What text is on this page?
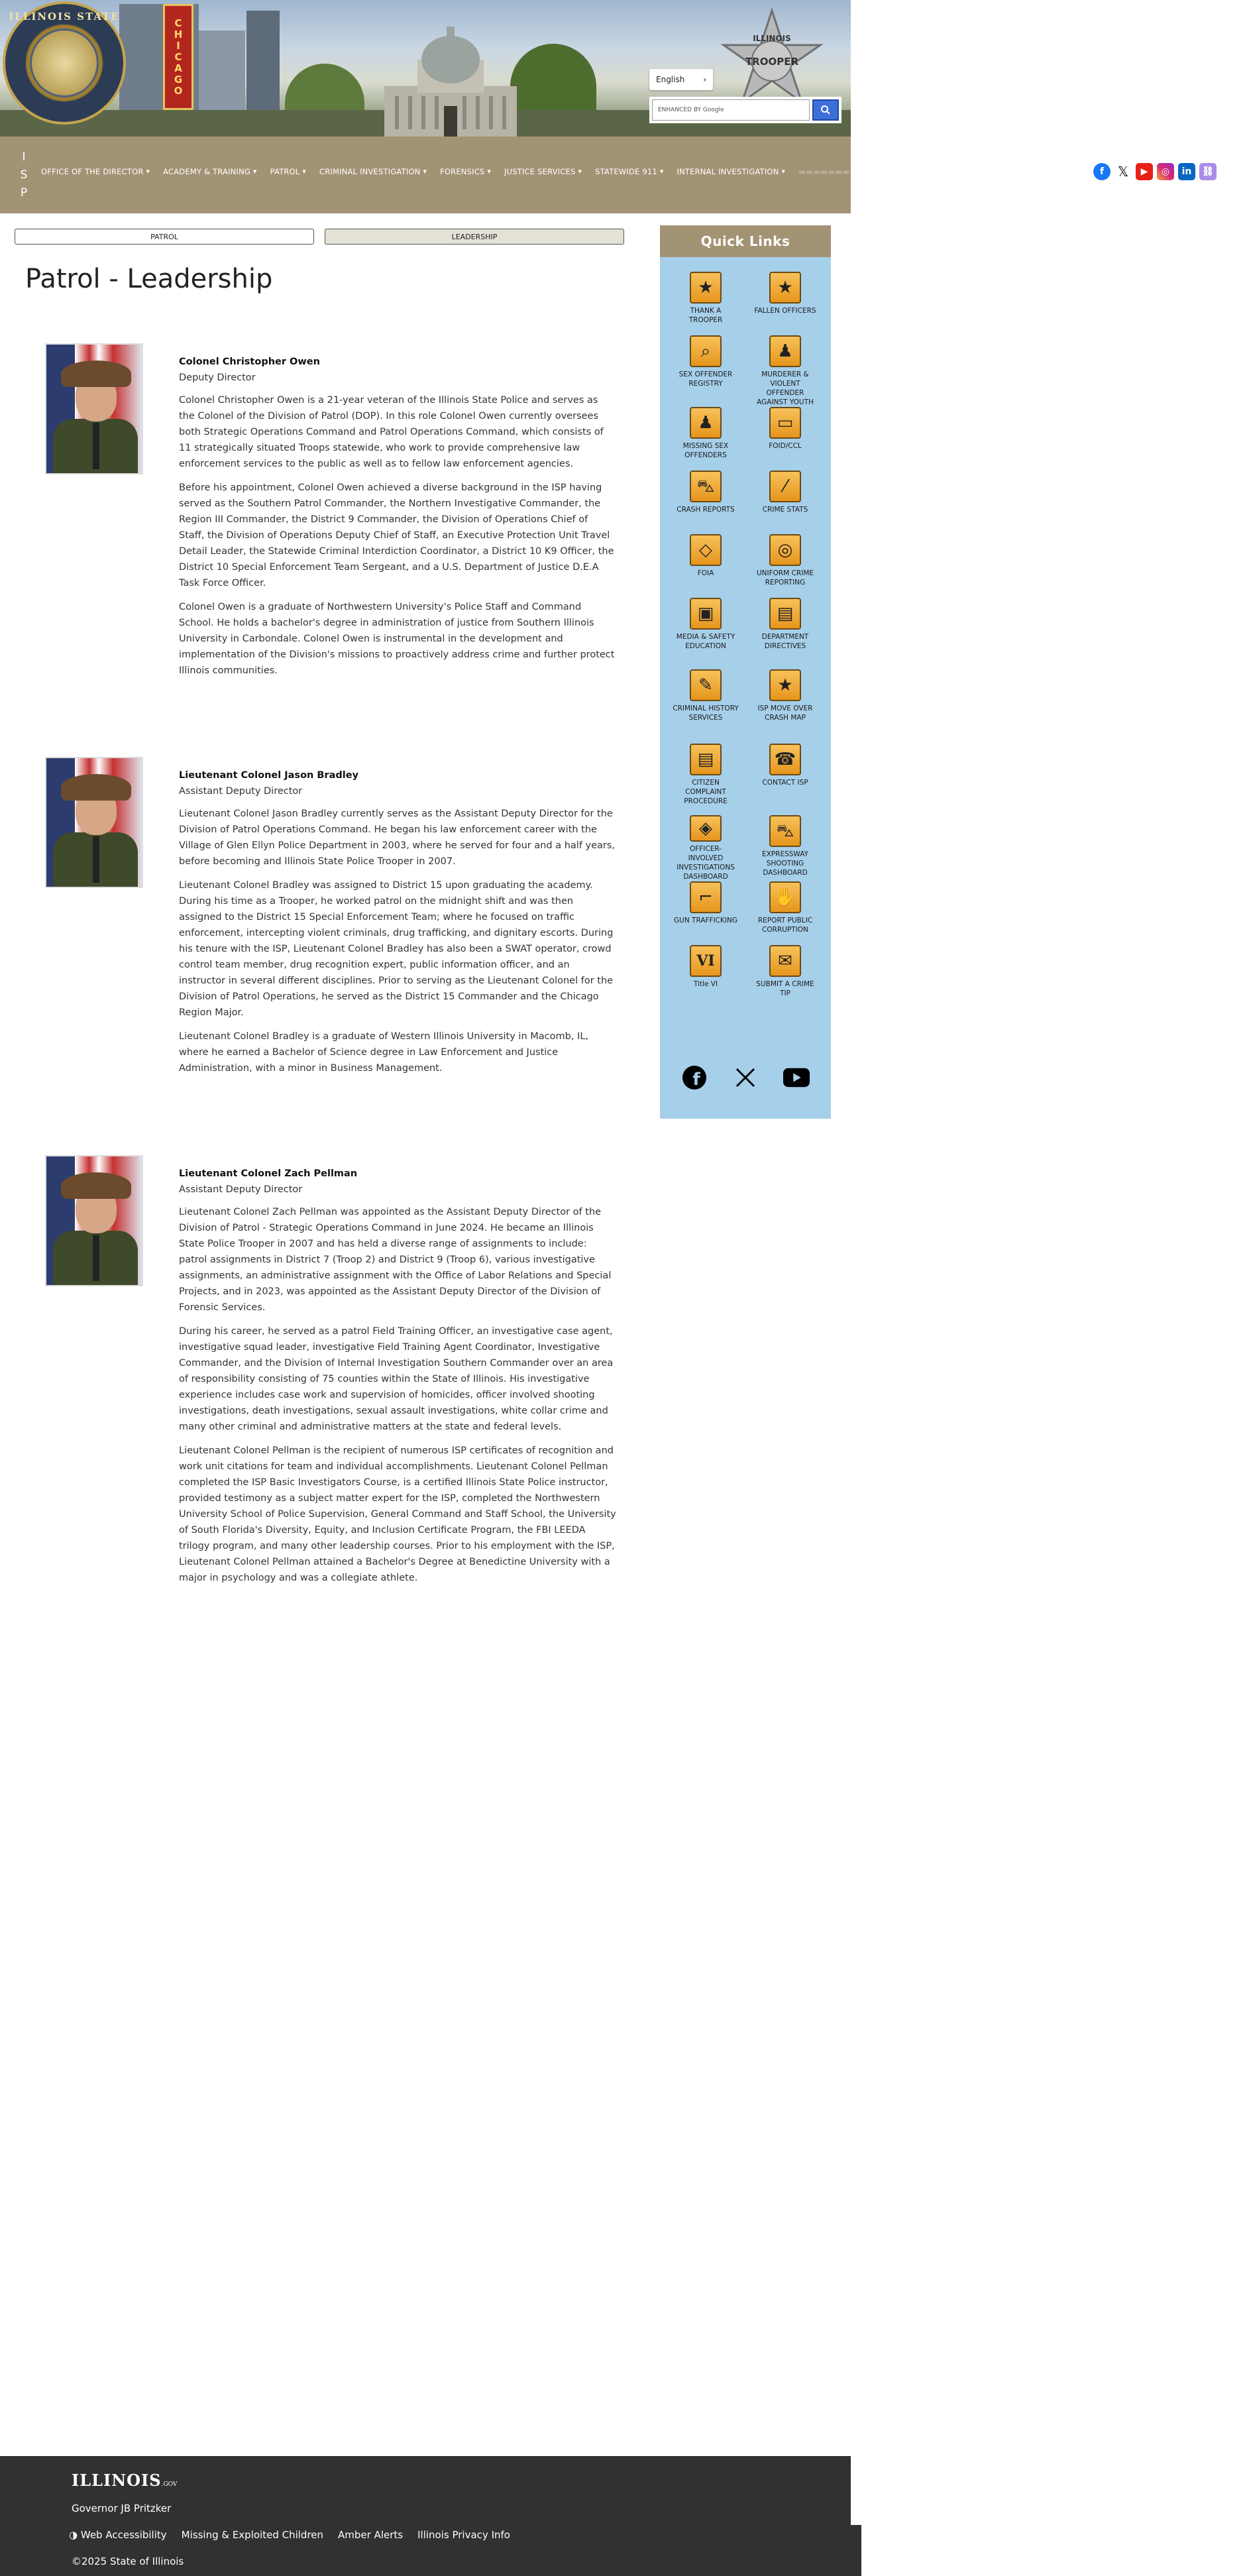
ILLINOIS STATE
C
H
I
C
A
G
O
ILLINOIS
TROOPER
English ›
ENHANCED BY Google
I
S
P
OFFICE OF THE DIRECTOR ▼ ACADEMY & TRAINING ▼ PATROL ▼ CRIMINAL INVESTIGATION ▼ FORENSICS ▼ JUSTICE SERVICES ▼ STATEWIDE 911 ▼ INTERNAL INVESTIGATION ▼ ▬▬▬▬▬▬▬▬	f	𝕏	▶	◎	in	⛓
PATROL	LEADERSHIP
Patrol - Leadership
Colonel Christopher Owen
Deputy Director

Colonel Christopher Owen is a 21-year veteran of the Illinois State Police and serves as the Colonel of the Division of Patrol (DOP). In this role Colonel Owen currently oversees both Strategic Operations Command and Patrol Operations Command, which consists of 11 strategically situated Troops statewide, who work to provide comprehensive law enforcement services to the public as well as to fellow law enforcement agencies.

Before his appointment, Colonel Owen achieved a diverse background in the ISP having served as the Southern Patrol Commander, the Northern Investigative Commander, the Region III Commander, the District 9 Commander, the Division of Operations Chief of Staff, the Division of Operations Deputy Chief of Staff, an Executive Protection Unit Travel Detail Leader, the Statewide Criminal Interdiction Coordinator, a District 10 K9 Officer, the District 10 Special Enforcement Team Sergeant, and a U.S. Department of Justice D.E.A Task Force Officer.

Colonel Owen is a graduate of Northwestern University's Police Staff and Command School. He holds a bachelor's degree in administration of justice from Southern Illinois University in Carbondale. Colonel Owen is instrumental in the development and implementation of the Division's missions to proactively address crime and further protect Illinois communities.

Lieutenant Colonel Jason Bradley
Assistant Deputy Director

Lieutenant Colonel Jason Bradley currently serves as the Assistant Deputy Director for the Division of Patrol Operations Command. He began his law enforcement career with the Village of Glen Ellyn Police Department in 2003, where he served for four and a half years, before becoming and Illinois State Police Trooper in 2007.

Lieutenant Colonel Bradley was assigned to District 15 upon graduating the academy. During his time as a Trooper, he worked patrol on the midnight shift and was then assigned to the District 15 Special Enforcement Team; where he focused on traffic enforcement, intercepting violent criminals, drug trafficking, and dignitary escorts. During his tenure with the ISP, Lieutenant Colonel Bradley has also been a SWAT operator, crowd control team member, drug recognition expert, public information officer, and an instructor in several different disciplines. Prior to serving as the Lieutenant Colonel for the Division of Patrol Operations, he served as the District 15 Commander and the Chicago Region Major.

Lieutenant Colonel Bradley is a graduate of Western Illinois University in Macomb, IL, where he earned a Bachelor of Science degree in Law Enforcement and Justice Administration, with a minor in Business Management.

Lieutenant Colonel Zach Pellman
Assistant Deputy Director

Lieutenant Colonel Zach Pellman was appointed as the Assistant Deputy Director of the Division of Patrol - Strategic Operations Command in June 2024. He became an Illinois State Police Trooper in 2007 and has held a diverse range of assignments to include: patrol assignments in District 7 (Troop 2) and District 9 (Troop 6), various investigative assignments, an administrative assignment with the Office of Labor Relations and Special Projects, and in 2023, was appointed as the Assistant Deputy Director of the Division of Forensic Services.

During his career, he served as a patrol Field Training Officer, an investigative case agent, investigative squad leader, investigative Field Training Agent Coordinator, Investigative Commander, and the Division of Internal Investigation Southern Commander over an area of responsibility consisting of 75 counties within the State of Illinois. His investigative experience includes case work and supervision of homicides, officer involved shooting investigations, death investigations, sexual assault investigations, white collar crime and many other criminal and administrative matters at the state and federal levels.

Lieutenant Colonel Pellman is the recipient of numerous ISP certificates of recognition and work unit citations for team and individual accomplishments. Lieutenant Colonel Pellman completed the ISP Basic Investigators Course, is a certified Illinois State Police instructor, provided testimony as a subject matter expert for the ISP, completed the Northwestern University School of Police Supervision, General Command and Staff School, the University of South Florida's Diversity, Equity, and Inclusion Certificate Program, the FBI LEEDA trilogy program, and many other leadership courses. Prior to his employment with the ISP, Lieutenant Colonel Pellman attained a Bachelor's Degree at Benedictine University with a major in psychology and was a collegiate athlete.

Quick Links
★
THANK A TROOPER
★
FALLEN OFFICERS
⌕
SEX OFFENDER REGISTRY
♟
MURDERER & VIOLENT OFFENDER AGAINST YOUTH
♟
MISSING SEX OFFENDERS
▭
FOID/CCL
⛍
CRASH REPORTS
⁄
CRIME STATS
◇
FOIA
◎
UNIFORM CRIME REPORTING
▣
MEDIA & SAFETY EDUCATION
▤
DEPARTMENT DIRECTIVES
✎
CRIMINAL HISTORY SERVICES
★
ISP MOVE OVER CRASH MAP
▤
CITIZEN COMPLAINT PROCEDURE
☎
CONTACT ISP
◈
OFFICER-INVOLVED INVESTIGATIONS DASHBOARD
⛍
EXPRESSWAY SHOOTING DASHBOARD
⌐
GUN TRAFFICKING
✋
REPORT PUBLIC CORRUPTION
VI
Title VI
✉
SUBMIT A CRIME TIP
f
ILLINOIS.GOV
Governor JB Pritzker
◑ Web Accessibility Missing & Exploited Children Amber Alerts Illinois Privacy Info
©2025 State of Illinois
